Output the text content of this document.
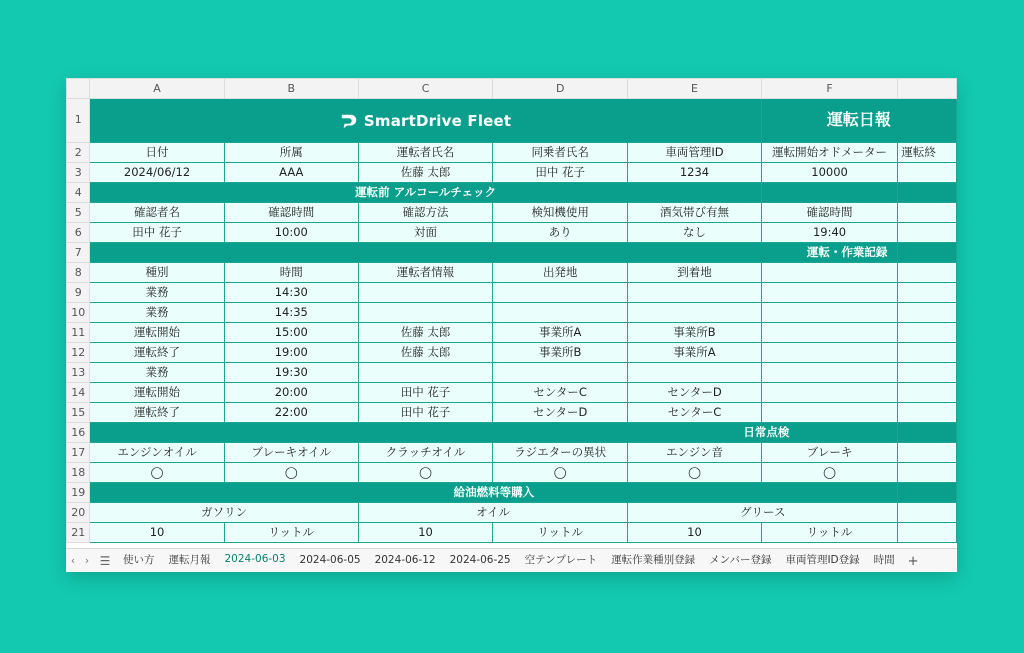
	A	B	C	D	E	F	
1	SmartDrive Fleet					運転日報	
2	日付	所属	運転者氏名	同乗者氏名	車両管理ID	運転開始オドメーター	運転終
3	2024/06/12	AAA	佐藤 太郎	田中 花子	1234	10000	
4	運転前 アルコールチェック						
5	確認者名	確認時間	確認方法	検知機使用	酒気帯び有無	確認時間	
6	田中 花子	10:00	対面	あり	なし	19:40	
7	運転・作業記録						
8	種別	時間	運転者情報	出発地	到着地		
9	業務	14:30					
10	業務	14:35					
11	運転開始	15:00	佐藤 太郎	事業所A	事業所B		
12	運転終了	19:00	佐藤 太郎	事業所B	事業所A		
13	業務	19:30					
14	運転開始	20:00	田中 花子	センターC	センターD		
15	運転終了	22:00	田中 花子	センターD	センターC		
16	日常点検						
17	エンジンオイル	ブレーキオイル	クラッチオイル	ラジエターの異状	エンジン音	ブレーキ	
18	◯	◯	◯	◯	◯	◯	
19	給油燃料等購入						
20	ガソリン		オイル		グリース		
21	10	リットル	10	リットル	10	リットル	
‹ › ☰	使い方	運転月報	2024-06-03	2024-06-05	2024-06-12	2024-06-25	空テンプレート	運転作業種別登録	メンバー登録	車両管理ID登録	時間	+
